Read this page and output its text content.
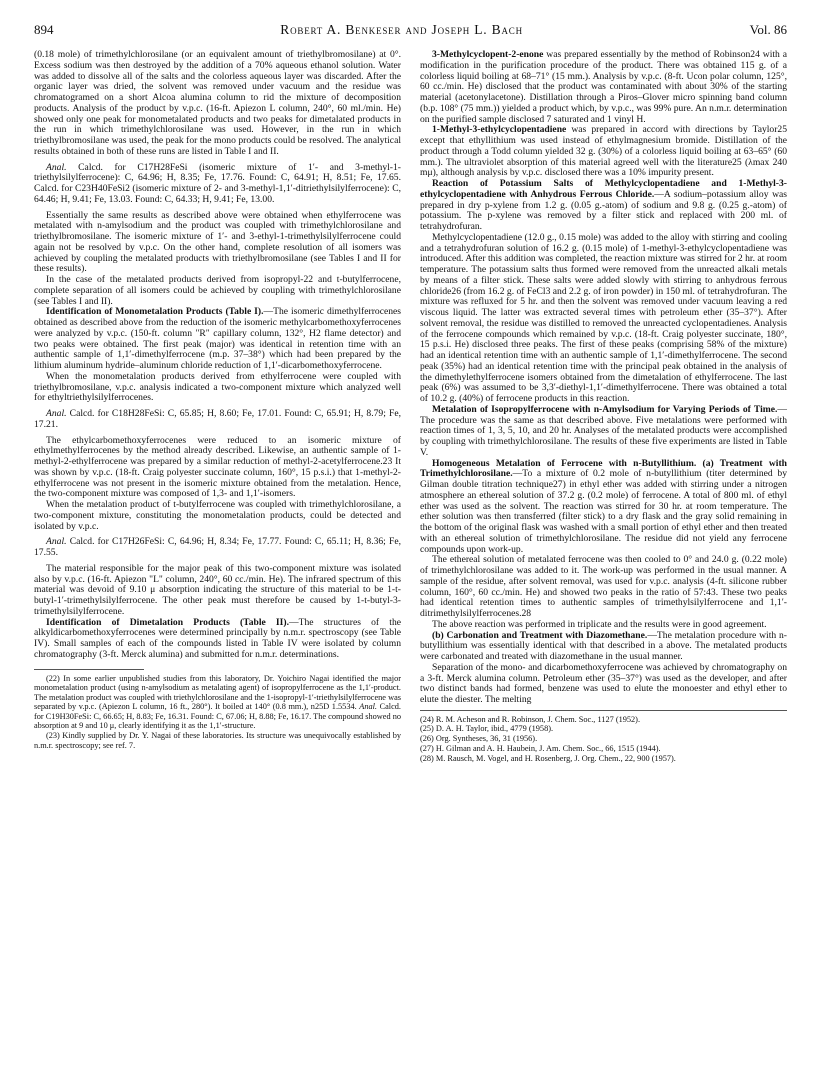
894	Robert A. Benkeser and Joseph L. Bach	Vol. 86

(0.18 mole) of trimethylchlorosilane (or an equivalent amount of triethylbromosilane) at 0°. Excess sodium was then destroyed by the addition of a 70% aqueous ethanol solution. Water was added to dissolve all of the salts and the colorless aqueous layer was discarded. After the organic layer was dried, the solvent was removed under vacuum and the residue was chromatogramed on a short Alcoa alumina column to rid the mixture of decomposition products. Analysis of the product by v.p.c. (16-ft. Apiezon L column, 240°, 60 ml./min. He) showed only one peak for monometalated products and two peaks for dimetalated products in the run in which trimethylchlorosilane was used. However, in the run in which triethylbromosilane was used, the peak for the mono products could be resolved. The analytical results obtained in both of these runs are listed in Table I and II.

Anal. Calcd. for C17H28FeSi (isomeric mixture of 1′- and 3-methyl-1-triethylsilylferrocene): C, 64.96; H, 8.35; Fe, 17.76. Found: C, 64.91; H, 8.51; Fe, 17.65. Calcd. for C23H40FeSi2 (isomeric mixture of 2- and 3-methyl-1,1′-ditriethylsilylferrocene): C, 64.46; H, 9.41; Fe, 13.03. Found: C, 64.33; H, 9.41; Fe, 13.00.

Essentially the same results as described above were obtained when ethylferrocene was metalated with n-amylsodium and the product was coupled with trimethylchlorosilane and triethylbromosilane. The isomeric mixture of 1′- and 3-ethyl-1-trimethylsilylferrocene could again not be resolved by v.p.c. On the other hand, complete resolution of all isomers was achieved by coupling the metalated products with triethylbromosilane (see Tables I and II for these results).

In the case of the metalated products derived from isopropyl-22 and t-butylferrocene, complete separation of all isomers could be achieved by coupling with trimethylchlorosilane (see Tables I and II).

Identification of Monometalation Products (Table I).—The isomeric dimethylferrocenes obtained as described above from the reduction of the isomeric methylcarbomethoxyferrocenes were analyzed by v.p.c. (150-ft. column "R" capillary column, 132°, H2 flame detector) and two peaks were obtained. The first peak (major) was identical in retention time with an authentic sample of 1,1′-dimethylferrocene (m.p. 37–38°) which had been prepared by the lithium aluminum hydride–aluminum chloride reduction of 1,1′-dicarbomethoxyferrocene.

When the monometalation products derived from ethylferrocene were coupled with triethylbromosilane, v.p.c. analysis indicated a two-component mixture which analyzed well for ethyltriethylsilylferrocenes.

Anal. Calcd. for C18H28FeSi: C, 65.85; H, 8.60; Fe, 17.01. Found: C, 65.91; H, 8.79; Fe, 17.21.

The ethylcarbomethoxyferrocenes were reduced to an isomeric mixture of ethylmethylferrocenes by the method already described. Likewise, an authentic sample of 1-methyl-2-ethylferrocene was prepared by a similar reduction of methyl-2-acetylferrocene.23 It was shown by v.p.c. (18-ft. Craig polyester succinate column, 160°, 15 p.s.i.) that 1-methyl-2-ethylferrocene was not present in the isomeric mixture obtained from the metalation. Hence, the two-component mixture was composed of 1,3- and 1,1′-isomers.

When the metalation product of t-butylferrocene was coupled with trimethylchlorosilane, a two-component mixture, constituting the monometalation products, could be detected and isolated by v.p.c.

Anal. Calcd. for C17H26FeSi: C, 64.96; H, 8.34; Fe, 17.77. Found: C, 65.11; H, 8.36; Fe, 17.55.

The material responsible for the major peak of this two-component mixture was isolated also by v.p.c. (16-ft. Apiezon "L" column, 240°, 60 cc./min. He). The infrared spectrum of this material was devoid of 9.10 μ absorption indicating the structure of this material to be 1-t-butyl-1′-trimethylsilylferrocene. The other peak must therefore be caused by 1-t-butyl-3-trimethylsilylferrocene.

Identification of Dimetalation Products (Table II).—The structures of the alkyldicarbomethoxyferrocenes were determined principally by n.m.r. spectroscopy (see Table IV). Small samples of each of the compounds listed in Table IV were isolated by column chromatography (3-ft. Merck alumina) and submitted for n.m.r. determinations.

(22) In some earlier unpublished studies from this laboratory, Dr. Yoichiro Nagai identified the major monometalation product (using n-amylsodium as metalating agent) of isopropylferrocene as the 1,1′-product. The metalation product was coupled with triethylchlorosilane and the 1-isopropyl-1′-triethylsilylferrocene was separated by v.p.c. (Apiezon L column, 16 ft., 280°). It boiled at 140° (0.8 mm.), n25D 1.5534. Anal. Calcd. for C19H30FeSi: C, 66.65; H, 8.83; Fe, 16.31. Found: C, 67.06; H, 8.88; Fe, 16.17. The compound showed no absorption at 9 and 10 μ, clearly identifying it as the 1,1′-structure.

(23) Kindly supplied by Dr. Y. Nagai of these laboratories. Its structure was unequivocally established by n.m.r. spectroscopy; see ref. 7.

3-Methylcyclopent-2-enone was prepared essentially by the method of Robinson24 with a modification in the purification procedure of the product. There was obtained 115 g. of a colorless liquid boiling at 68–71° (15 mm.). Analysis by v.p.c. (8-ft. Ucon polar column, 125°, 60 cc./min. He) disclosed that the product was contaminated with about 30% of the starting material (acetonylacetone). Distillation through a Piros–Glover micro spinning band column (b.p. 108° (75 mm.)) yielded a product which, by v.p.c., was 99% pure. An n.m.r. determination on the purified sample disclosed 7 saturated and 1 vinyl H.

1-Methyl-3-ethylcyclopentadiene was prepared in accord with directions by Taylor25 except that ethyllithium was used instead of ethylmagnesium bromide. Distillation of the product through a Todd column yielded 32 g. (30%) of a colorless liquid boiling at 63–65° (60 mm.). The ultraviolet absorption of this material agreed well with the literature25 (λmax 240 mμ), although analysis by v.p.c. disclosed there was a 10% impurity present.

Reaction of Potassium Salts of Methylcyclopentadiene and 1-Methyl-3-ethylcyclopentadiene with Anhydrous Ferrous Chloride.—A sodium–potassium alloy was prepared in dry p-xylene from 1.2 g. (0.05 g.-atom) of sodium and 9.8 g. (0.25 g.-atom) of potassium. The p-xylene was removed by a filter stick and replaced with 200 ml. of tetrahydrofuran.

Methylcyclopentadiene (12.0 g., 0.15 mole) was added to the alloy with stirring and cooling and a tetrahydrofuran solution of 16.2 g. (0.15 mole) of 1-methyl-3-ethylcyclopentadiene was introduced. After this addition was completed, the reaction mixture was stirred for 2 hr. at room temperature. The potassium salts thus formed were removed from the unreacted alkali metals by means of a filter stick. These salts were added slowly with stirring to anhydrous ferrous chloride26 (from 16.2 g. of FeCl3 and 2.2 g. of iron powder) in 150 ml. of tetrahydrofuran. The mixture was refluxed for 5 hr. and then the solvent was removed under vacuum leaving a red viscous liquid. The latter was extracted several times with petroleum ether (35–37°). After solvent removal, the residue was distilled to removed the unreacted cyclopentadienes. Analysis of the ferrocene compounds which remained by v.p.c. (18-ft. Craig polyester succinate, 180°, 15 p.s.i. He) disclosed three peaks. The first of these peaks (comprising 58% of the mixture) had an identical retention time with an authentic sample of 1,1′-dimethylferrocene. The second peak (35%) had an identical retention time with the principal peak obtained in the analysis of the dimethylethylferrocene isomers obtained from the dimetalation of ethylferrocene. The last peak (6%) was assumed to be 3,3′-diethyl-1,1′-dimethylferrocene. There was obtained a total of 10.2 g. (40%) of ferrocene products in this reaction.

Metalation of Isopropylferrocene with n-Amylsodium for Varying Periods of Time.—The procedure was the same as that described above. Five metalations were performed with reaction times of 1, 3, 5, 10, and 20 hr. Analyses of the metalated products were accomplished by coupling with trimethylchlorosilane. The results of these five experiments are listed in Table V.

Homogeneous Metalation of Ferrocene with n-Butyllithium. (a) Treatment with Trimethylchlorosilane.—To a mixture of 0.2 mole of n-butyllithium (titer determined by Gilman double titration technique27) in ethyl ether was added with stirring under a nitrogen atmosphere an ethereal solution of 37.2 g. (0.2 mole) of ferrocene. A total of 800 ml. of ethyl ether was used as the solvent. The reaction was stirred for 30 hr. at room temperature. The ether solution was then transferred (filter stick) to a dry flask and the gray solid remaining in the bottom of the original flask was washed with a small portion of ethyl ether and then treated with an ethereal solution of trimethylchlorosilane. The residue did not yield any ferrocene compounds upon work-up.

The ethereal solution of metalated ferrocene was then cooled to 0° and 24.0 g. (0.22 mole) of trimethylchlorosilane was added to it. The work-up was performed in the usual manner. A sample of the residue, after solvent removal, was used for v.p.c. analysis (4-ft. silicone rubber column, 160°, 60 cc./min. He) and showed two peaks in the ratio of 57:43. These two peaks had identical retention times to authentic samples of trimethylsilylferrocene and 1,1′-ditrimethylsilylferrocenes.28

The above reaction was performed in triplicate and the results were in good agreement.

(b) Carbonation and Treatment with Diazomethane.—The metalation procedure with n-butyllithium was essentially identical with that described in a above. The metalated products were carbonated and treated with diazomethane in the usual manner.

Separation of the mono- and dicarbomethoxyferrocene was achieved by chromatography on a 3-ft. Merck alumina column. Petroleum ether (35–37°) was used as the developer, and after two distinct bands had formed, benzene was used to elute the monoester and ethyl ether to elute the diester. The melting

(24) R. M. Acheson and R. Robinson, J. Chem. Soc., 1127 (1952).

(25) D. A. H. Taylor, ibid., 4779 (1958).

(26) Org. Syntheses, 36, 31 (1956).

(27) H. Gilman and A. H. Haubein, J. Am. Chem. Soc., 66, 1515 (1944).

(28) M. Rausch, M. Vogel, and H. Rosenberg, J. Org. Chem., 22, 900 (1957).
